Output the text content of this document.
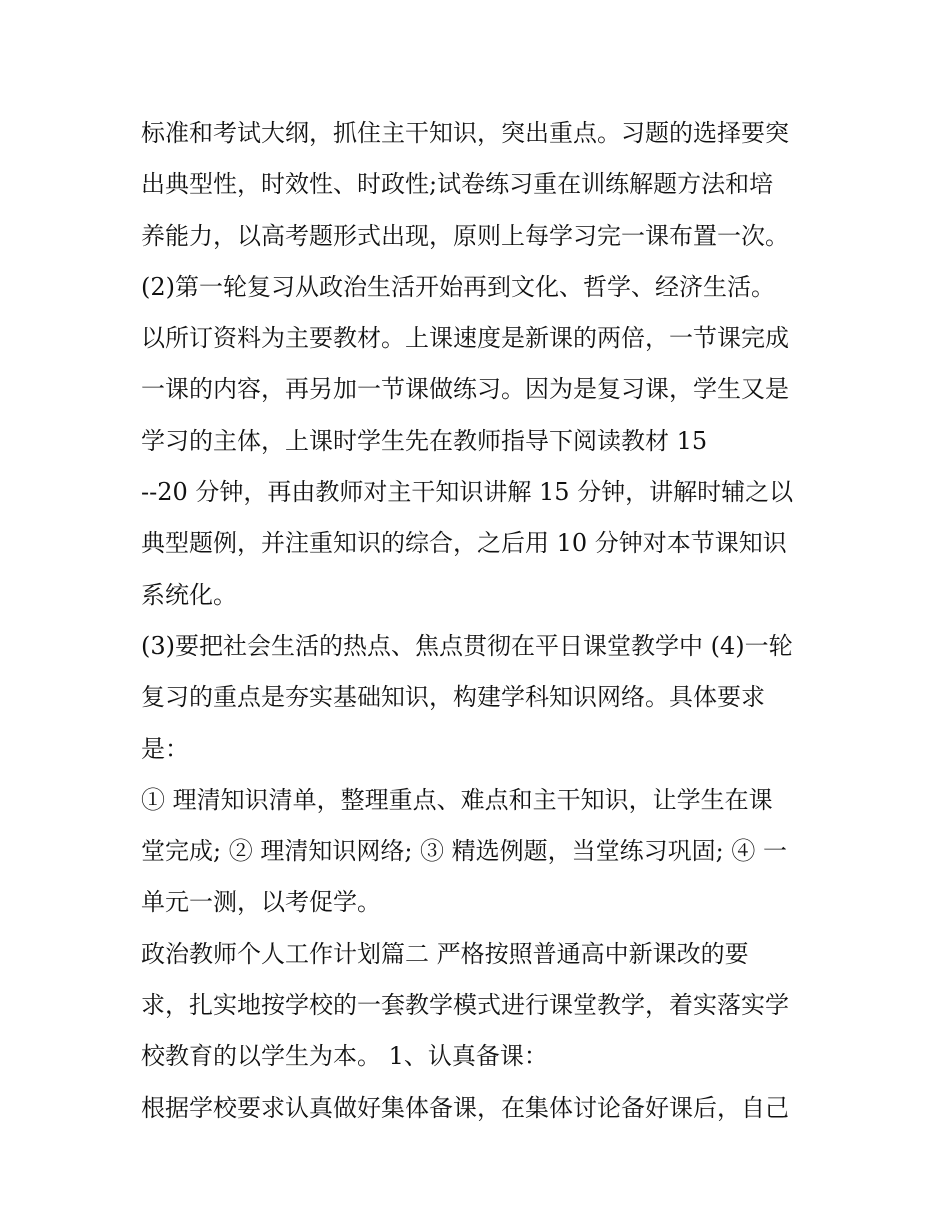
标准和考试大纲，抓住主干知识，突出重点。习题的选择要突
出典型性，时效性、时政性;试卷练习重在训练解题方法和培
养能力，以高考题形式出现，原则上每学习完一课布置一次。
(2)第一轮复习从政治生活开始再到文化、哲学、经济生活。
以所订资料为主要教材。上课速度是新课的两倍，一节课完成
一课的内容，再另加一节课做练习。因为是复习课，学生又是
学习的主体，上课时学生先在教师指导下阅读教材 15
--20 分钟，再由教师对主干知识讲解 15 分钟，讲解时辅之以
典型题例，并注重知识的综合，之后用 10 分钟对本节课知识
系统化。
(3)要把社会生活的热点、焦点贯彻在平日课堂教学中 (4)一轮
复习的重点是夯实基础知识，构建学科知识网络。具体要求
是：
① 理清知识清单，整理重点、难点和主干知识，让学生在课
堂完成; ② 理清知识网络; ③ 精选例题，当堂练习巩固; ④ 一
单元一测，以考促学。
政治教师个人工作计划篇二 严格按照普通高中新课改的要
求，扎实地按学校的一套教学模式进行课堂教学，着实落实学
校教育的以学生为本。 1、认真备课：
根据学校要求认真做好集体备课，在集体讨论备好课后，自己
